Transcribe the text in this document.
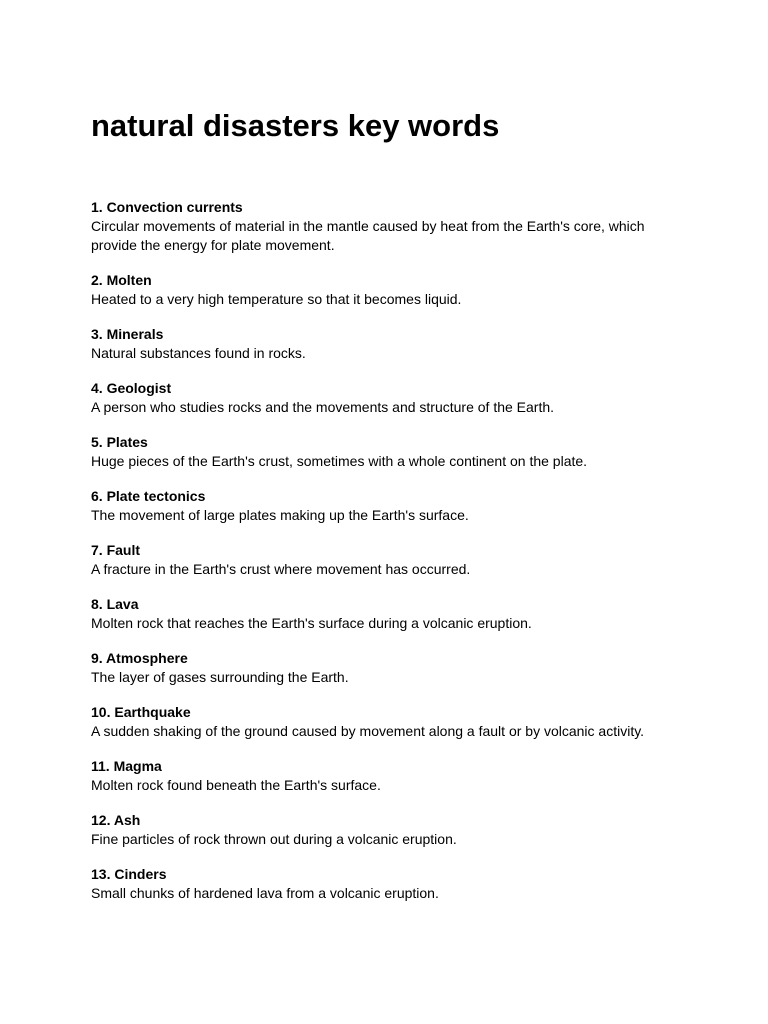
natural disasters key words
1. Convection currents
Circular movements of material in the mantle caused by heat from the Earth's core, which provide the energy for plate movement.
2. Molten
Heated to a very high temperature so that it becomes liquid.
3. Minerals
Natural substances found in rocks.
4. Geologist
A person who studies rocks and the movements and structure of the Earth.
5. Plates
Huge pieces of the Earth's crust, sometimes with a whole continent on the plate.
6. Plate tectonics
The movement of large plates making up the Earth's surface.
7. Fault
A fracture in the Earth's crust where movement has occurred.
8. Lava
Molten rock that reaches the Earth's surface during a volcanic eruption.
9. Atmosphere
The layer of gases surrounding the Earth.
10. Earthquake
A sudden shaking of the ground caused by movement along a fault or by volcanic activity.
11. Magma
Molten rock found beneath the Earth's surface.
12. Ash
Fine particles of rock thrown out during a volcanic eruption.
13. Cinders
Small chunks of hardened lava from a volcanic eruption.
